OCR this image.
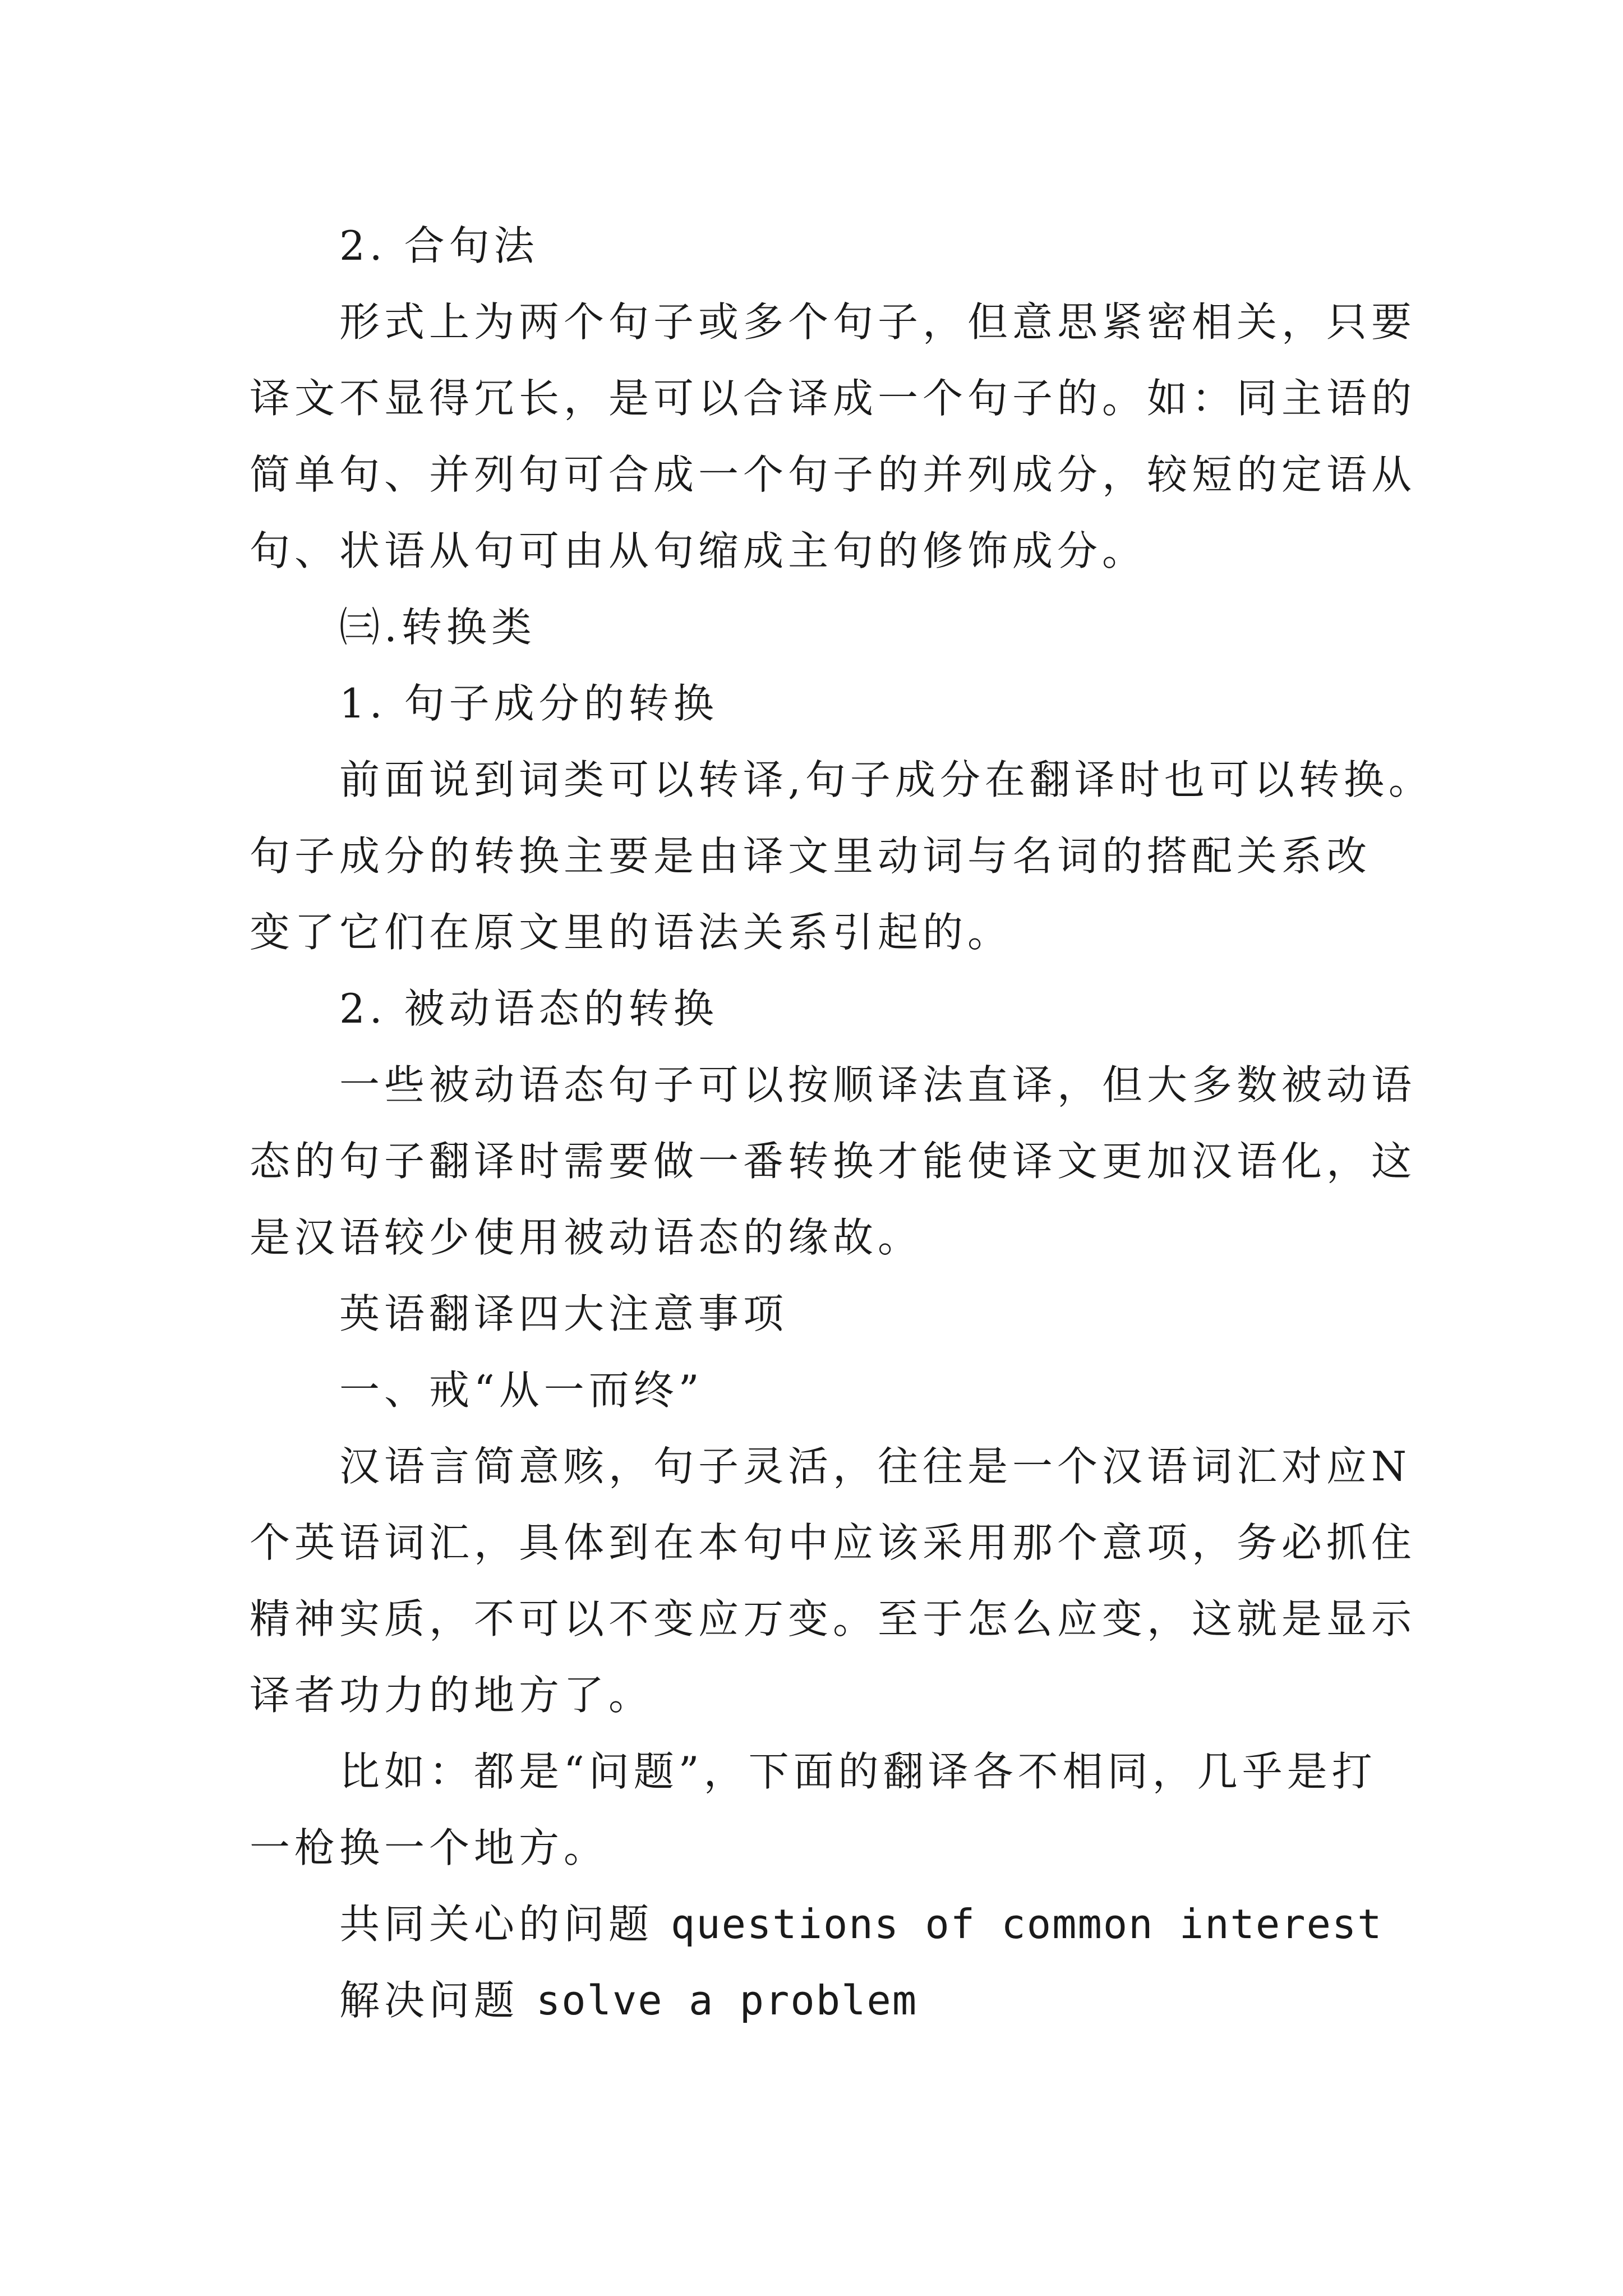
2. 合句法
形式上为两个句子或多个句子，但意思紧密相关，只要
译文不显得冗长，是可以合译成一个句子的。如：同主语的
简单句、并列句可合成一个句子的并列成分，较短的定语从
句、状语从句可由从句缩成主句的修饰成分。
㈢.转换类
1. 句子成分的转换
前面说到词类可以转译,句子成分在翻译时也可以转换。
句子成分的转换主要是由译文里动词与名词的搭配关系改
变了它们在原文里的语法关系引起的。
2. 被动语态的转换
一些被动语态句子可以按顺译法直译，但大多数被动语
态的句子翻译时需要做一番转换才能使译文更加汉语化，这
是汉语较少使用被动语态的缘故。
英语翻译四大注意事项
一、戒“从一而终”
汉语言简意赅，句子灵活，往往是一个汉语词汇对应N
个英语词汇，具体到在本句中应该采用那个意项，务必抓住
精神实质，不可以不变应万变。至于怎么应变，这就是显示
译者功力的地方了。
比如：都是“问题”，下面的翻译各不相同，几乎是打
一枪换一个地方。
共同关心的问题 questions of common interest
解决问题 solve a problem
